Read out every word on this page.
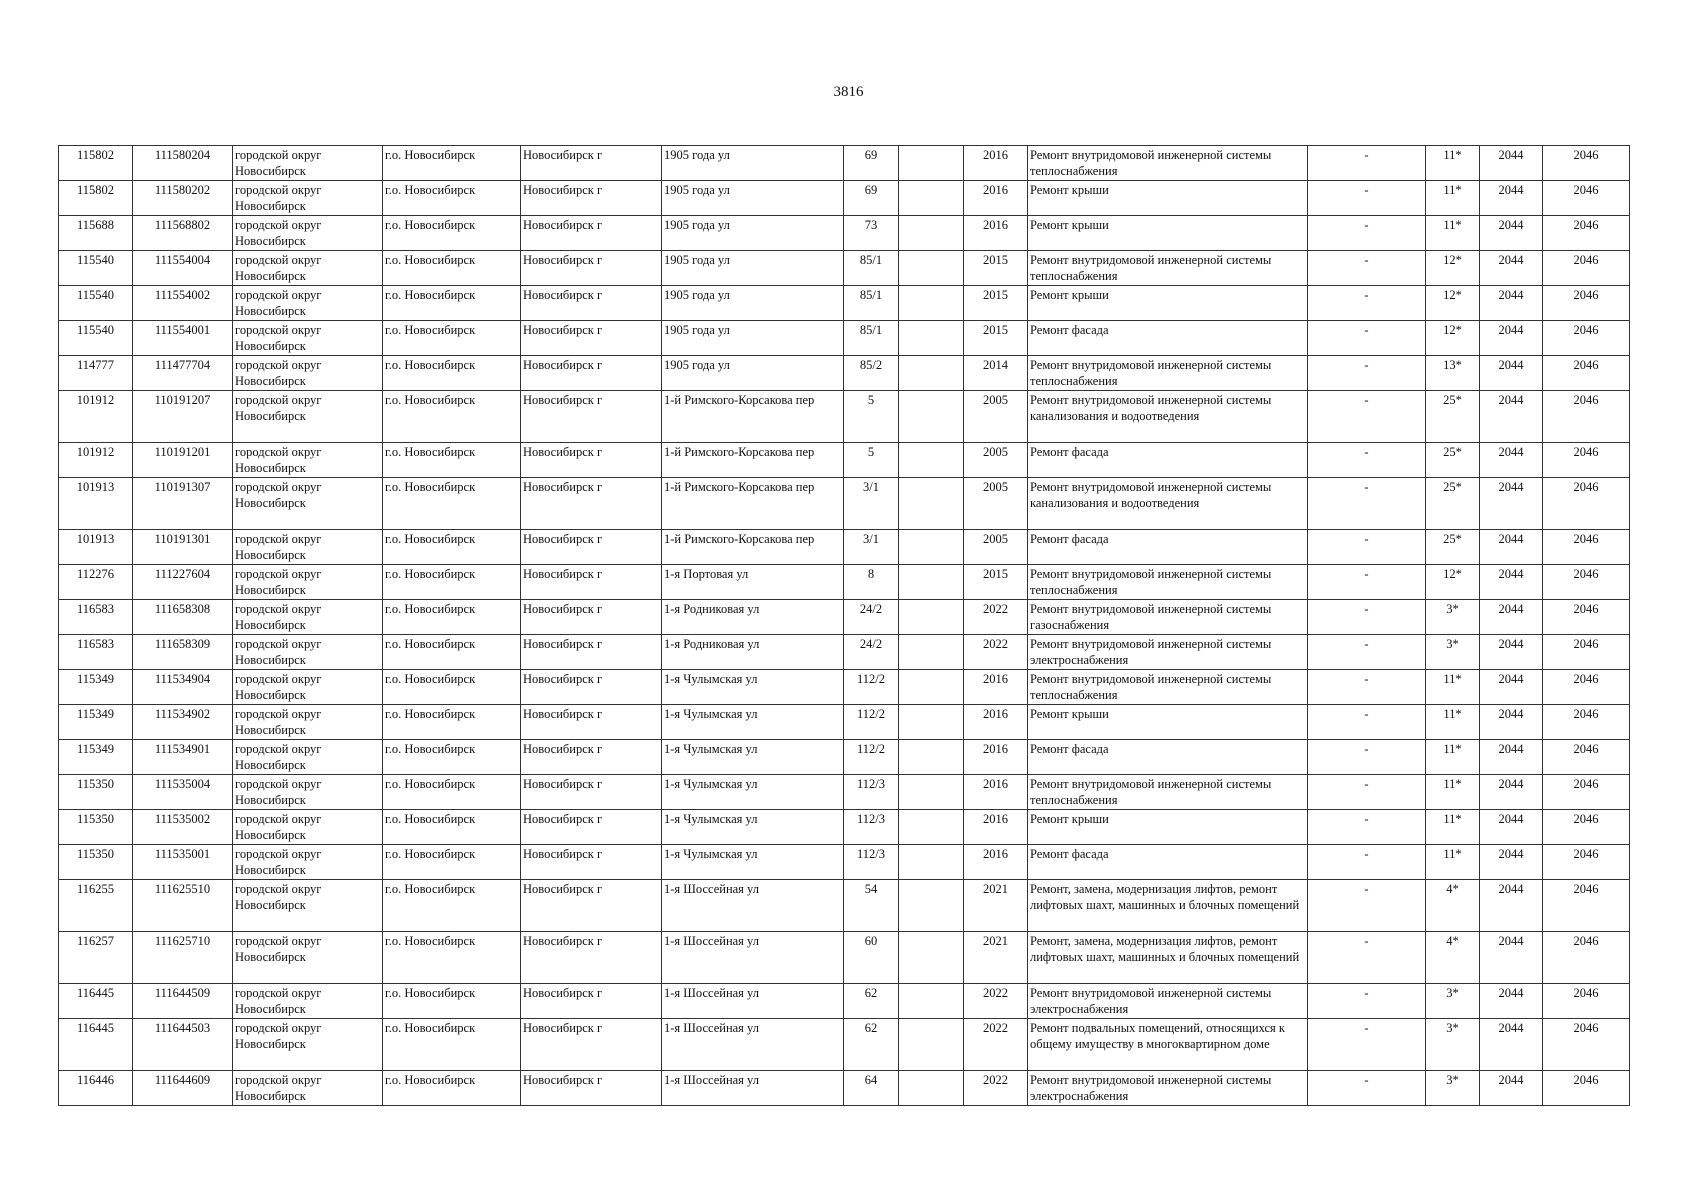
3816
115802	111580204	городской округ Новосибирск	г.о. Новосибирск	Новосибирск г	1905 года ул	69		2016	Ремонт внутридомовой инженерной системы теплоснабжения	-	11*	2044	2046
115802	111580202	городской округ Новосибирск	г.о. Новосибирск	Новосибирск г	1905 года ул	69		2016	Ремонт крыши	-	11*	2044	2046
115688	111568802	городской округ Новосибирск	г.о. Новосибирск	Новосибирск г	1905 года ул	73		2016	Ремонт крыши	-	11*	2044	2046
115540	111554004	городской округ Новосибирск	г.о. Новосибирск	Новосибирск г	1905 года ул	85/1		2015	Ремонт внутридомовой инженерной системы теплоснабжения	-	12*	2044	2046
115540	111554002	городской округ Новосибирск	г.о. Новосибирск	Новосибирск г	1905 года ул	85/1		2015	Ремонт крыши	-	12*	2044	2046
115540	111554001	городской округ Новосибирск	г.о. Новосибирск	Новосибирск г	1905 года ул	85/1		2015	Ремонт фасада	-	12*	2044	2046
114777	111477704	городской округ Новосибирск	г.о. Новосибирск	Новосибирск г	1905 года ул	85/2		2014	Ремонт внутридомовой инженерной системы теплоснабжения	-	13*	2044	2046
101912	110191207	городской округ Новосибирск	г.о. Новосибирск	Новосибирск г	1-й Римского-Корсакова пер	5		2005	Ремонт внутридомовой инженерной системы канализования и водоотведения	-	25*	2044	2046
101912	110191201	городской округ Новосибирск	г.о. Новосибирск	Новосибирск г	1-й Римского-Корсакова пер	5		2005	Ремонт фасада	-	25*	2044	2046
101913	110191307	городской округ Новосибирск	г.о. Новосибирск	Новосибирск г	1-й Римского-Корсакова пер	3/1		2005	Ремонт внутридомовой инженерной системы канализования и водоотведения	-	25*	2044	2046
101913	110191301	городской округ Новосибирск	г.о. Новосибирск	Новосибирск г	1-й Римского-Корсакова пер	3/1		2005	Ремонт фасада	-	25*	2044	2046
112276	111227604	городской округ Новосибирск	г.о. Новосибирск	Новосибирск г	1-я Портовая ул	8		2015	Ремонт внутридомовой инженерной системы теплоснабжения	-	12*	2044	2046
116583	111658308	городской округ Новосибирск	г.о. Новосибирск	Новосибирск г	1-я Родниковая ул	24/2		2022	Ремонт внутридомовой инженерной системы газоснабжения	-	3*	2044	2046
116583	111658309	городской округ Новосибирск	г.о. Новосибирск	Новосибирск г	1-я Родниковая ул	24/2		2022	Ремонт внутридомовой инженерной системы электроснабжения	-	3*	2044	2046
115349	111534904	городской округ Новосибирск	г.о. Новосибирск	Новосибирск г	1-я Чулымская ул	112/2		2016	Ремонт внутридомовой инженерной системы теплоснабжения	-	11*	2044	2046
115349	111534902	городской округ Новосибирск	г.о. Новосибирск	Новосибирск г	1-я Чулымская ул	112/2		2016	Ремонт крыши	-	11*	2044	2046
115349	111534901	городской округ Новосибирск	г.о. Новосибирск	Новосибирск г	1-я Чулымская ул	112/2		2016	Ремонт фасада	-	11*	2044	2046
115350	111535004	городской округ Новосибирск	г.о. Новосибирск	Новосибирск г	1-я Чулымская ул	112/3		2016	Ремонт внутридомовой инженерной системы теплоснабжения	-	11*	2044	2046
115350	111535002	городской округ Новосибирск	г.о. Новосибирск	Новосибирск г	1-я Чулымская ул	112/3		2016	Ремонт крыши	-	11*	2044	2046
115350	111535001	городской округ Новосибирск	г.о. Новосибирск	Новосибирск г	1-я Чулымская ул	112/3		2016	Ремонт фасада	-	11*	2044	2046
116255	111625510	городской округ Новосибирск	г.о. Новосибирск	Новосибирск г	1-я Шоссейная ул	54		2021	Ремонт, замена, модернизация лифтов, ремонт лифтовых шахт, машинных и блочных помещений	-	4*	2044	2046
116257	111625710	городской округ Новосибирск	г.о. Новосибирск	Новосибирск г	1-я Шоссейная ул	60		2021	Ремонт, замена, модернизация лифтов, ремонт лифтовых шахт, машинных и блочных помещений	-	4*	2044	2046
116445	111644509	городской округ Новосибирск	г.о. Новосибирск	Новосибирск г	1-я Шоссейная ул	62		2022	Ремонт внутридомовой инженерной системы электроснабжения	-	3*	2044	2046
116445	111644503	городской округ Новосибирск	г.о. Новосибирск	Новосибирск г	1-я Шоссейная ул	62		2022	Ремонт подвальных помещений, относящихся к общему имуществу в многоквартирном доме	-	3*	2044	2046
116446	111644609	городской округ Новосибирск	г.о. Новосибирск	Новосибирск г	1-я Шоссейная ул	64		2022	Ремонт внутридомовой инженерной системы электроснабжения	-	3*	2044	2046
